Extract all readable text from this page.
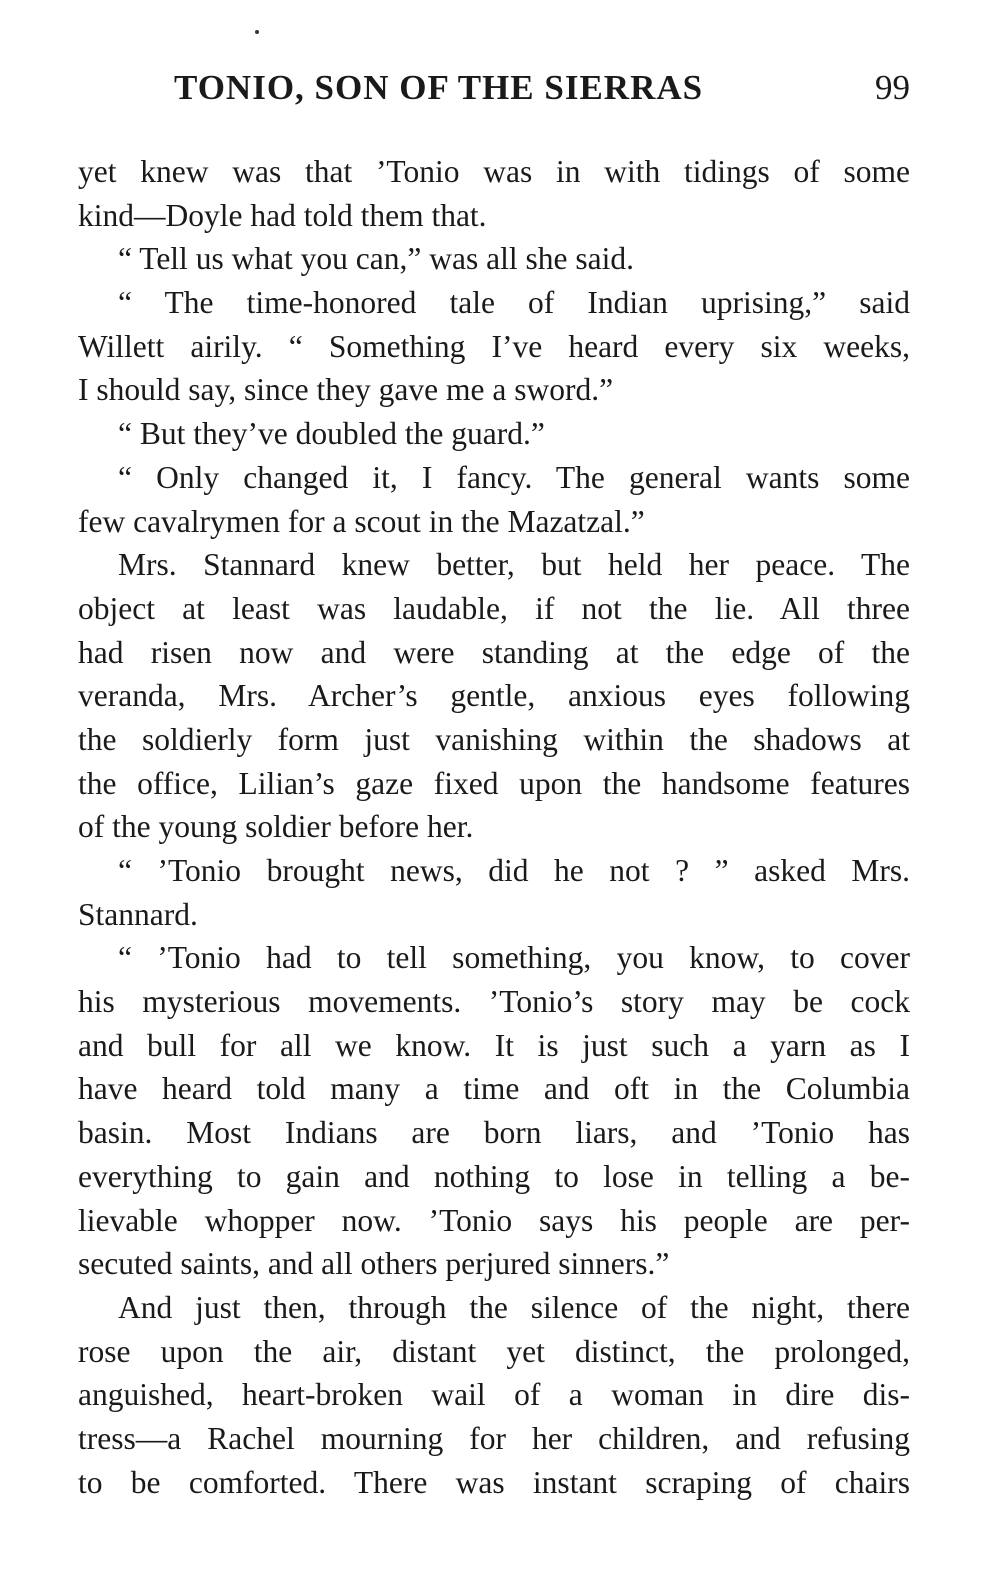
TONIO, SON OF THE SIERRAS	99
yet knew was that ’Tonio was in with tidings of some
kind—Doyle had told them that.
“ Tell us what you can,” was all she said.
“ The time-honored tale of Indian uprising,” said
Willett airily. “ Something I’ve heard every six weeks,
I should say, since they gave me a sword.”
“ But they’ve doubled the guard.”
“ Only changed it, I fancy. The general wants some
few cavalrymen for a scout in the Mazatzal.”
Mrs. Stannard knew better, but held her peace. The
object at least was laudable, if not the lie. All three
had risen now and were standing at the edge of the
veranda, Mrs. Archer’s gentle, anxious eyes following
the soldierly form just vanishing within the shadows at
the office, Lilian’s gaze fixed upon the handsome features
of the young soldier before her.
“ ’Tonio brought news, did he not ? ” asked Mrs.
Stannard.
“ ’Tonio had to tell something, you know, to cover
his mysterious movements. ’Tonio’s story may be cock
and bull for all we know. It is just such a yarn as I
have heard told many a time and oft in the Columbia
basin. Most Indians are born liars, and ’Tonio has
everything to gain and nothing to lose in telling a be-
lievable whopper now. ’Tonio says his people are per-
secuted saints, and all others perjured sinners.”
And just then, through the silence of the night, there
rose upon the air, distant yet distinct, the prolonged,
anguished, heart-broken wail of a woman in dire dis-
tress—a Rachel mourning for her children, and refusing
to be comforted. There was instant scraping of chairs
